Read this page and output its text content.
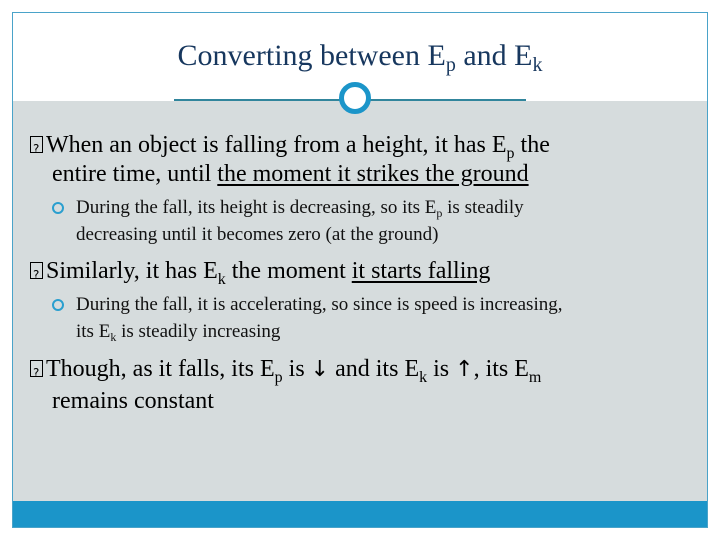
Converting between $E_p$ and $E_k$
?When an object is falling from a height, it has $E_p$ the
entire time, until the moment it strikes the ground
During the fall, its height is decreasing, so its $E_p$ is steadily
decreasing until it becomes zero (at the ground)
?Similarly, it has $E_k$ the moment it starts falling
During the fall, it is accelerating, so since is speed is increasing,
its $E_k$ is steadily increasing
?Though, as it falls, its $E_p$ is ↓ and its $E_k$ is ↑, its $E_m$
remains constant
